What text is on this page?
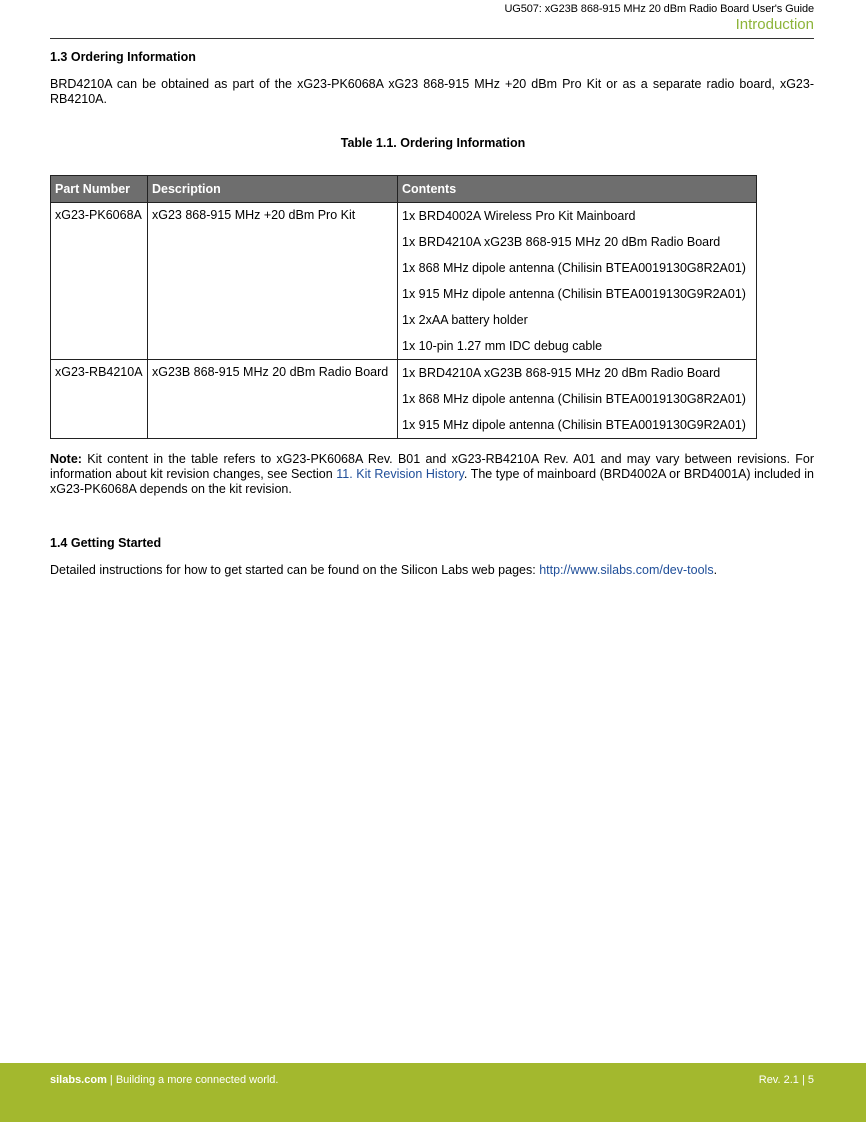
UG507: xG23B 868-915 MHz 20 dBm Radio Board User's Guide
Introduction
1.3 Ordering Information
BRD4210A can be obtained as part of the xG23-PK6068A xG23 868-915 MHz +20 dBm Pro Kit or as a separate radio board, xG23-RB4210A.
Table 1.1. Ordering Information
Part Number	Description	Contents
xG23-PK6068A	xG23 868-915 MHz +20 dBm Pro Kit	1x BRD4002A Wireless Pro Kit Mainboard
		1x BRD4210A xG23B 868-915 MHz 20 dBm Radio Board
		1x 868 MHz dipole antenna (Chilisin BTEA0019130G8R2A01)
		1x 915 MHz dipole antenna (Chilisin BTEA0019130G9R2A01)
		1x 2xAA battery holder
		1x 10-pin 1.27 mm IDC debug cable
xG23-RB4210A	xG23B 868-915 MHz 20 dBm Radio Board	1x BRD4210A xG23B 868-915 MHz 20 dBm Radio Board
		1x 868 MHz dipole antenna (Chilisin BTEA0019130G8R2A01)
		1x 915 MHz dipole antenna (Chilisin BTEA0019130G9R2A01)
Note: Kit content in the table refers to xG23-PK6068A Rev. B01 and xG23-RB4210A Rev. A01 and may vary between revisions. For information about kit revision changes, see Section 11. Kit Revision History. The type of mainboard (BRD4002A or BRD4001A) included in xG23-PK6068A depends on the kit revision.
1.4 Getting Started
Detailed instructions for how to get started can be found on the Silicon Labs web pages: http://www.silabs.com/dev-tools.
silabs.com | Building a more connected world.	Rev. 2.1 | 5
